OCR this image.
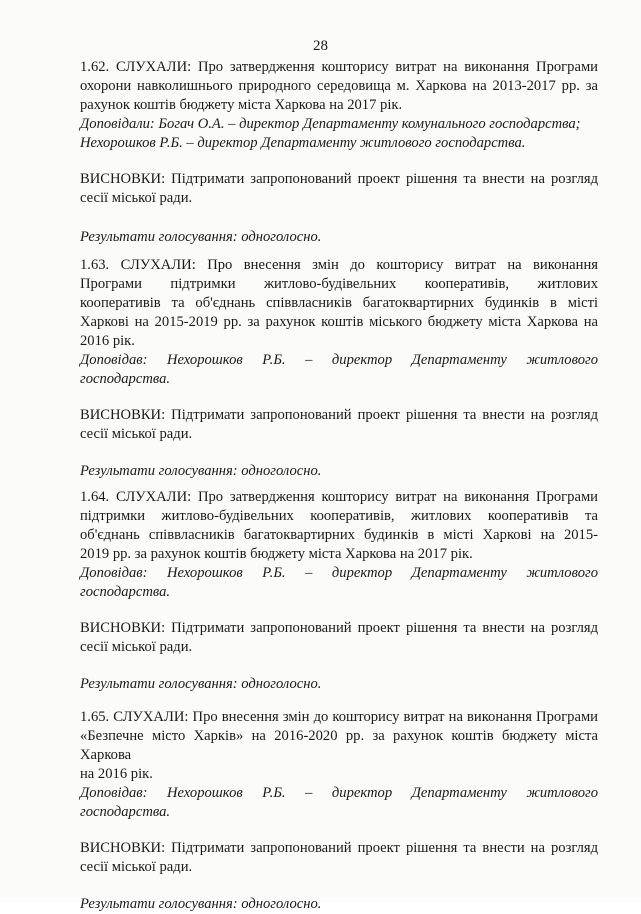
28
1.62. СЛУХАЛИ: Про затвердження кошторису витрат на виконання Програми
охорони навколишнього природного середовища м. Харкова на 2013-2017 рр. за
рахунок коштів бюджету міста Харкова на 2017 рік.
Доповідали: Богач О.А. – директор Департаменту комунального господарства;
Нехорошков Р.Б. – директор Департаменту житлового господарства.
ВИСНОВКИ: Підтримати запропонований проект рішення та внести на розгляд
сесії міської ради.
Результати голосування: одноголосно.
1.63. СЛУХАЛИ: Про внесення змін до кошторису витрат на виконання
Програми підтримки житлово-будівельних кооперативів, житлових
кооперативів та об'єднань співвласників багатоквартирних будинків в місті
Харкові на 2015-2019 рр. за рахунок коштів міського бюджету міста Харкова на
2016 рік.
Доповідав: Нехорошков Р.Б. – директор Департаменту житлового
господарства.
ВИСНОВКИ: Підтримати запропонований проект рішення та внести на розгляд
сесії міської ради.
Результати голосування: одноголосно.
1.64. СЛУХАЛИ: Про затвердження кошторису витрат на виконання Програми
підтримки житлово-будівельних кооперативів, житлових кооперативів та
об'єднань співвласників багатоквартирних будинків в місті Харкові на 2015-
2019 рр. за рахунок коштів бюджету міста Харкова на 2017 рік.
Доповідав: Нехорошков Р.Б. – директор Департаменту житлового
господарства.
ВИСНОВКИ: Підтримати запропонований проект рішення та внести на розгляд
сесії міської ради.
Результати голосування: одноголосно.
1.65. СЛУХАЛИ: Про внесення змін до кошторису витрат на виконання Програми
«Безпечне місто Харків» на 2016-2020 рр. за рахунок коштів бюджету міста Харкова
на 2016 рік.
Доповідав: Нехорошков Р.Б. – директор Департаменту житлового
господарства.
ВИСНОВКИ: Підтримати запропонований проект рішення та внести на розгляд
сесії міської ради.
Результати голосування: одноголосно.
